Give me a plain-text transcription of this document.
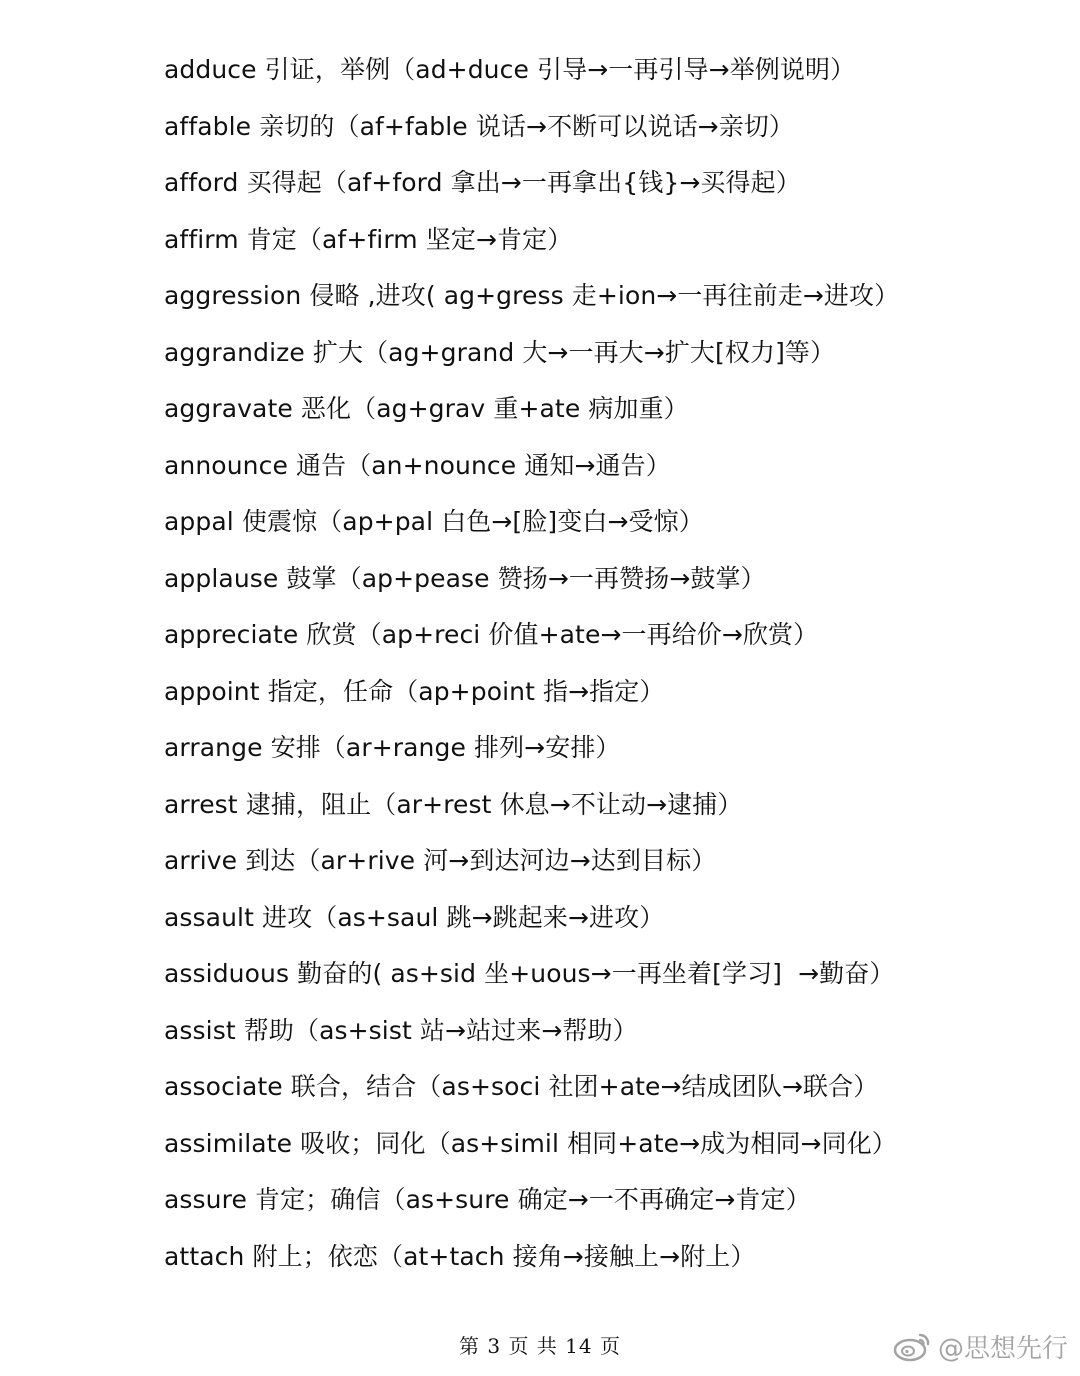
adduce 引证，举例（ad+duce 引导→一再引导→举例说明）
affable 亲切的（af+fable 说话→不断可以说话→亲切）
afford 买得起（af+ford 拿出→一再拿出{钱}→买得起）
affirm 肯定（af+firm 坚定→肯定）
aggression 侵略 ,进攻( ag+gress 走+ion→一再往前走→进攻）
aggrandize 扩大（ag+grand 大→一再大→扩大[权力]等）
aggravate 恶化（ag+grav 重+ate 病加重）
announce 通告（an+nounce 通知→通告）
appal 使震惊（ap+pal 白色→[脸]变白→受惊）
applause 鼓掌（ap+pease 赞扬→一再赞扬→鼓掌）
appreciate 欣赏（ap+reci 价值+ate→一再给价→欣赏）
appoint 指定，任命（ap+point 指→指定）
arrange 安排（ar+range 排列→安排）
arrest 逮捕，阻止（ar+rest 休息→不让动→逮捕）
arrive 到达（ar+rive 河→到达河边→达到目标）
assault 进攻（as+saul 跳→跳起来→进攻）
assiduous 勤奋的( as+sid 坐+uous→一再坐着[学习]  →勤奋）
assist 帮助（as+sist 站→站过来→帮助）
associate 联合，结合（as+soci 社团+ate→结成团队→联合）
assimilate 吸收；同化（as+simil 相同+ate→成为相同→同化）
assure 肯定；确信（as+sure 确定→一不再确定→肯定）
attach 附上；依恋（at+tach 接角→接触上→附上）
第 3 页 共 14 页	@思想先行
